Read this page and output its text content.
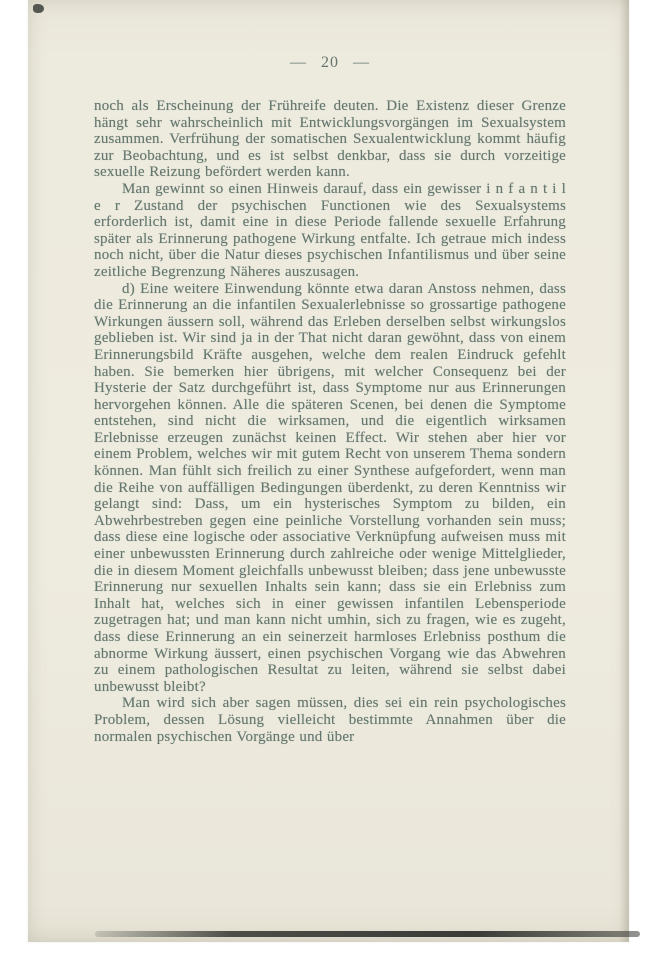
— 20 —

noch als Erscheinung der Frühreife deuten. Die Existenz dieser Grenze hängt sehr wahrscheinlich mit Entwicklungsvorgängen im Sexualsystem zusammen. Verfrühung der somatischen Sexualentwicklung kommt häufig zur Beobachtung, und es ist selbst denkbar, dass sie durch vorzeitige sexuelle Reizung befördert werden kann.

Man gewinnt so einen Hinweis darauf, dass ein gewisser i n f a n t i l e r Zustand der psychischen Functionen wie des Sexualsystems erforderlich ist, damit eine in diese Periode fallende sexuelle Erfahrung später als Erinnerung pathogene Wirkung entfalte. Ich getraue mich indess noch nicht, über die Natur dieses psychischen Infantilismus und über seine zeitliche Begrenzung Näheres auszusagen.

d) Eine weitere Einwendung könnte etwa daran Anstoss nehmen, dass die Erinnerung an die infantilen Sexualerlebnisse so grossartige pathogene Wirkungen äussern soll, während das Erleben derselben selbst wirkungslos geblieben ist. Wir sind ja in der That nicht daran gewöhnt, dass von einem Erinnerungsbild Kräfte ausgehen, welche dem realen Eindruck gefehlt haben. Sie bemerken hier übrigens, mit welcher Consequenz bei der Hysterie der Satz durchgeführt ist, dass Symptome nur aus Erinnerungen hervorgehen können. Alle die späteren Scenen, bei denen die Symptome entstehen, sind nicht die wirksamen, und die eigentlich wirksamen Erlebnisse erzeugen zunächst keinen Effect. Wir stehen aber hier vor einem Problem, welches wir mit gutem Recht von unserem Thema sondern können. Man fühlt sich freilich zu einer Synthese aufgefordert, wenn man die Reihe von auffälligen Bedingungen überdenkt, zu deren Kenntniss wir gelangt sind: Dass, um ein hysterisches Symptom zu bilden, ein Abwehrbestreben gegen eine peinliche Vorstellung vorhanden sein muss; dass diese eine logische oder associative Verknüpfung aufweisen muss mit einer unbewussten Erinnerung durch zahlreiche oder wenige Mittelglieder, die in diesem Moment gleichfalls unbewusst bleiben; dass jene unbewusste Erinnerung nur sexuellen Inhalts sein kann; dass sie ein Erlebniss zum Inhalt hat, welches sich in einer gewissen infantilen Lebensperiode zugetragen hat; und man kann nicht umhin, sich zu fragen, wie es zugeht, dass diese Erinnerung an ein seinerzeit harmloses Erlebniss posthum die abnorme Wirkung äussert, einen psychischen Vorgang wie das Abwehren zu einem pathologischen Resultat zu leiten, während sie selbst dabei unbewusst bleibt?

Man wird sich aber sagen müssen, dies sei ein rein psychologisches Problem, dessen Lösung vielleicht bestimmte Annahmen über die normalen psychischen Vorgänge und über
